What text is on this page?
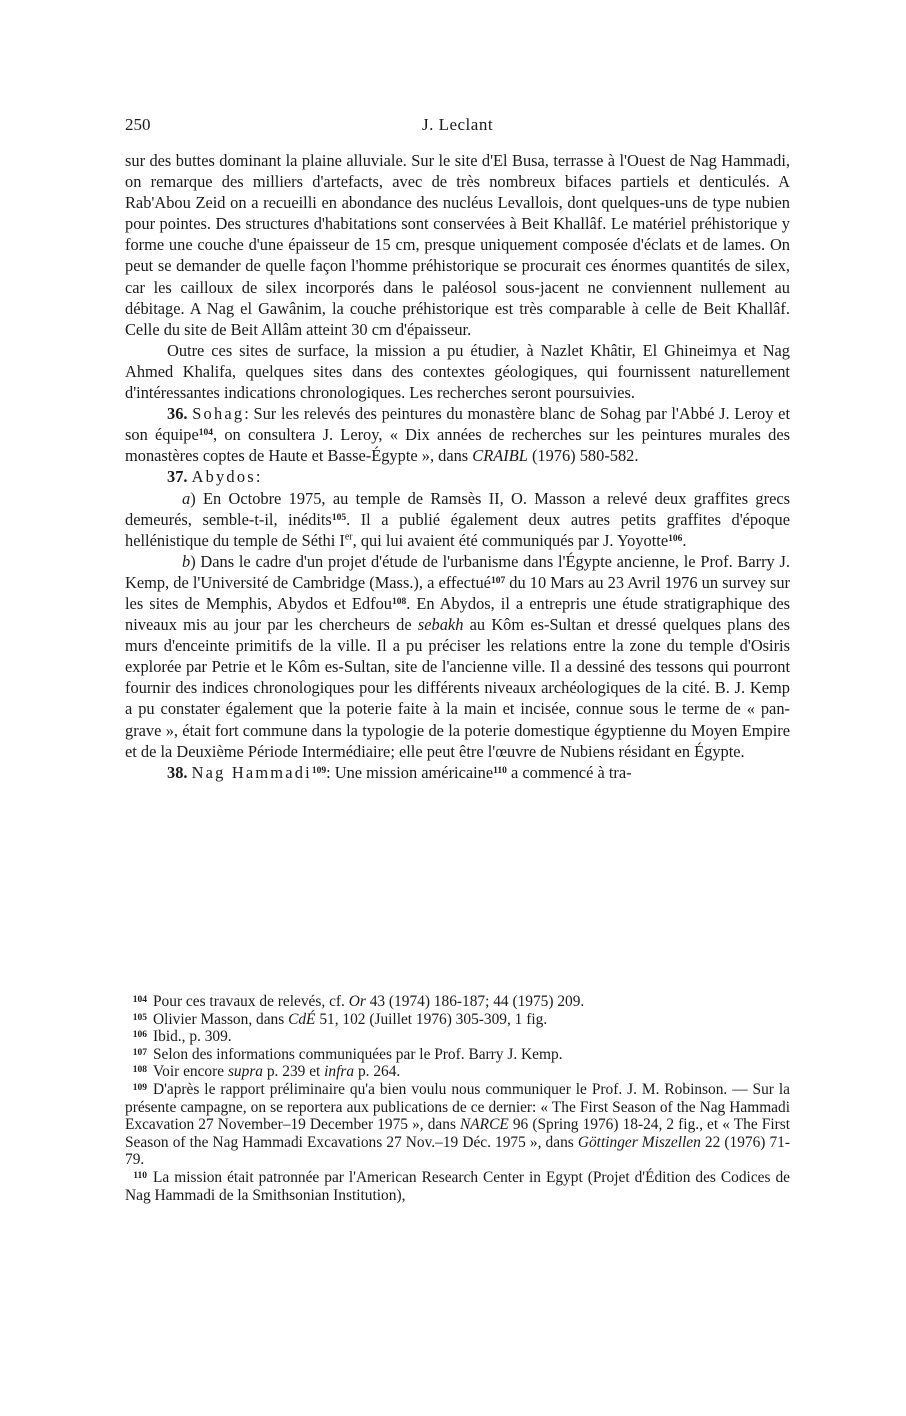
250	J. Leclant

sur des buttes dominant la plaine alluviale. Sur le site d'El Busa, terrasse à l'Ouest de Nag Hammadi, on remarque des milliers d'artefacts, avec de très nombreux bifaces partiels et denticulés. A Rab'Abou Zeid on a recueilli en abondance des nucléus Levallois, dont quelques-uns de type nubien pour pointes. Des structures d'habitations sont conservées à Beit Khallâf. Le matériel préhistorique y forme une couche d'une épaisseur de 15 cm, presque uniquement composée d'éclats et de lames. On peut se demander de quelle façon l'homme préhistorique se procurait ces énormes quantités de silex, car les cailloux de silex incorporés dans le paléosol sous-jacent ne conviennent nullement au débitage. A Nag el Gawânim, la couche préhistorique est très comparable à celle de Beit Khallâf. Celle du site de Beit Allâm atteint 30 cm d'épaisseur.

Outre ces sites de surface, la mission a pu étudier, à Nazlet Khâtir, El Ghineimya et Nag Ahmed Khalifa, quelques sites dans des contextes géologiques, qui fournissent naturellement d'intéressantes indications chronologiques. Les recherches seront poursuivies.

36. Sohag: Sur les relevés des peintures du monastère blanc de Sohag par l'Abbé J. Leroy et son équipe$^{104}$, on consultera J. Leroy, « Dix années de recherches sur les peintures murales des monastères coptes de Haute et Basse-Égypte », dans CRAIBL (1976) 580-582.

37. Abydos:

a) En Octobre 1975, au temple de Ramsès II, O. Masson a relevé deux graffites grecs demeurés, semble-t-il, inédits$^{105}$. Il a publié également deux autres petits graffites d'époque hellénistique du temple de Séthi Ier, qui lui avaient été communiqués par J. Yoyotte$^{106}$.

b) Dans le cadre d'un projet d'étude de l'urbanisme dans l'Égypte ancienne, le Prof. Barry J. Kemp, de l'Université de Cambridge (Mass.), a effectué$^{107}$ du 10 Mars au 23 Avril 1976 un survey sur les sites de Memphis, Abydos et Edfou$^{108}$. En Abydos, il a entrepris une étude stratigraphique des niveaux mis au jour par les chercheurs de sebakh au Kôm es-Sultan et dressé quelques plans des murs d'enceinte primitifs de la ville. Il a pu préciser les relations entre la zone du temple d'Osiris explorée par Petrie et le Kôm es-Sultan, site de l'ancienne ville. Il a dessiné des tessons qui pourront fournir des indices chronologiques pour les différents niveaux archéologiques de la cité. B. J. Kemp a pu constater également que la poterie faite à la main et incisée, connue sous le terme de « pan-grave », était fort commune dans la typologie de la poterie domestique égyptienne du Moyen Empire et de la Deuxième Période Intermédiaire; elle peut être l'œuvre de Nubiens résidant en Égypte.

38. Nag Hammadi$^{109}$: Une mission américaine$^{110}$ a commencé à tra-

104 Pour ces travaux de relevés, cf. Or 43 (1974) 186-187; 44 (1975) 209.

105 Olivier Masson, dans CdÉ 51, 102 (Juillet 1976) 305-309, 1 fig.

106 Ibid., p. 309.

107 Selon des informations communiquées par le Prof. Barry J. Kemp.

108 Voir encore supra p. 239 et infra p. 264.

109 D'après le rapport préliminaire qu'a bien voulu nous communiquer le Prof. J. M. Robinson. — Sur la présente campagne, on se reportera aux publications de ce dernier: « The First Season of the Nag Hammadi Excavation 27 November–19 December 1975 », dans NARCE 96 (Spring 1976) 18-24, 2 fig., et « The First Season of the Nag Hammadi Excavations 27 Nov.–19 Déc. 1975 », dans Göttinger Miszellen 22 (1976) 71-79.

110 La mission était patronnée par l'American Research Center in Egypt (Projet d'Édition des Codices de Nag Hammadi de la Smithsonian Institution),
